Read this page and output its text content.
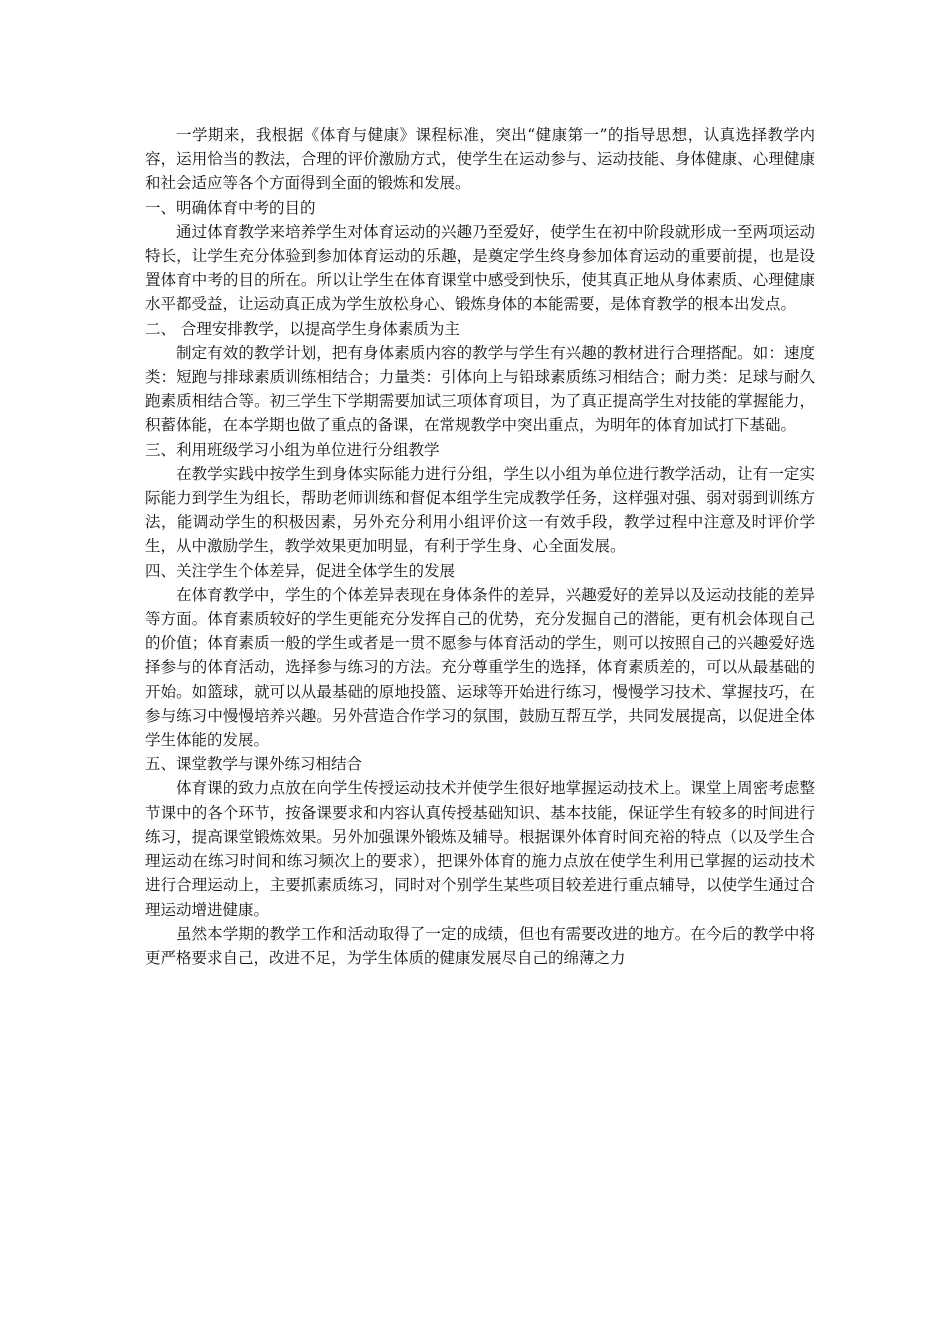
一学期来，我根据《体育与健康》课程标准，突出“健康第一”的指导思想，认真选择教学内容，运用恰当的教法，合理的评价激励方式，使学生在运动参与、运动技能、身体健康、心理健康和社会适应等各个方面得到全面的锻炼和发展。

一、明确体育中考的目的

通过体育教学来培养学生对体育运动的兴趣乃至爱好，使学生在初中阶段就形成一至两项运动特长，让学生充分体验到参加体育运动的乐趣，是奠定学生终身参加体育运动的重要前提，也是设置体育中考的目的所在。所以让学生在体育课堂中感受到快乐，使其真正地从身体素质、心理健康水平都受益，让运动真正成为学生放松身心、锻炼身体的本能需要，是体育教学的根本出发点。

二、 合理安排教学，以提高学生身体素质为主

制定有效的教学计划，把有身体素质内容的教学与学生有兴趣的教材进行合理搭配。如：速度类：短跑与排球素质训练相结合；力量类：引体向上与铅球素质练习相结合；耐力类：足球与耐久跑素质相结合等。初三学生下学期需要加试三项体育项目，为了真正提高学生对技能的掌握能力，积蓄体能，在本学期也做了重点的备课，在常规教学中突出重点，为明年的体育加试打下基础。

三、利用班级学习小组为单位进行分组教学

在教学实践中按学生到身体实际能力进行分组，学生以小组为单位进行教学活动，让有一定实际能力到学生为组长，帮助老师训练和督促本组学生完成教学任务，这样强对强、弱对弱到训练方法，能调动学生的积极因素，另外充分利用小组评价这一有效手段，教学过程中注意及时评价学生，从中激励学生，教学效果更加明显，有利于学生身、心全面发展。

四、关注学生个体差异，促进全体学生的发展

在体育教学中，学生的个体差异表现在身体条件的差异，兴趣爱好的差异以及运动技能的差异等方面。体育素质较好的学生更能充分发挥自己的优势，充分发掘自己的潜能，更有机会体现自己的价值；体育素质一般的学生或者是一贯不愿参与体育活动的学生，则可以按照自己的兴趣爱好选择参与的体育活动，选择参与练习的方法。充分尊重学生的选择，体育素质差的，可以从最基础的开始。如篮球，就可以从最基础的原地投篮、运球等开始进行练习，慢慢学习技术、掌握技巧，在参与练习中慢慢培养兴趣。另外营造合作学习的氛围，鼓励互帮互学，共同发展提高，以促进全体学生体能的发展。

五、课堂教学与课外练习相结合

体育课的致力点放在向学生传授运动技术并使学生很好地掌握运动技术上。课堂上周密考虑整节课中的各个环节，按备课要求和内容认真传授基础知识、基本技能，保证学生有较多的时间进行练习，提高课堂锻炼效果。另外加强课外锻炼及辅导。根据课外体育时间充裕的特点（以及学生合理运动在练习时间和练习频次上的要求），把课外体育的施力点放在使学生利用已掌握的运动技术进行合理运动上，主要抓素质练习，同时对个别学生某些项目较差进行重点辅导，以使学生通过合理运动增进健康。

虽然本学期的教学工作和活动取得了一定的成绩，但也有需要改进的地方。在今后的教学中将更严格要求自己，改进不足，为学生体质的健康发展尽自己的绵薄之力
